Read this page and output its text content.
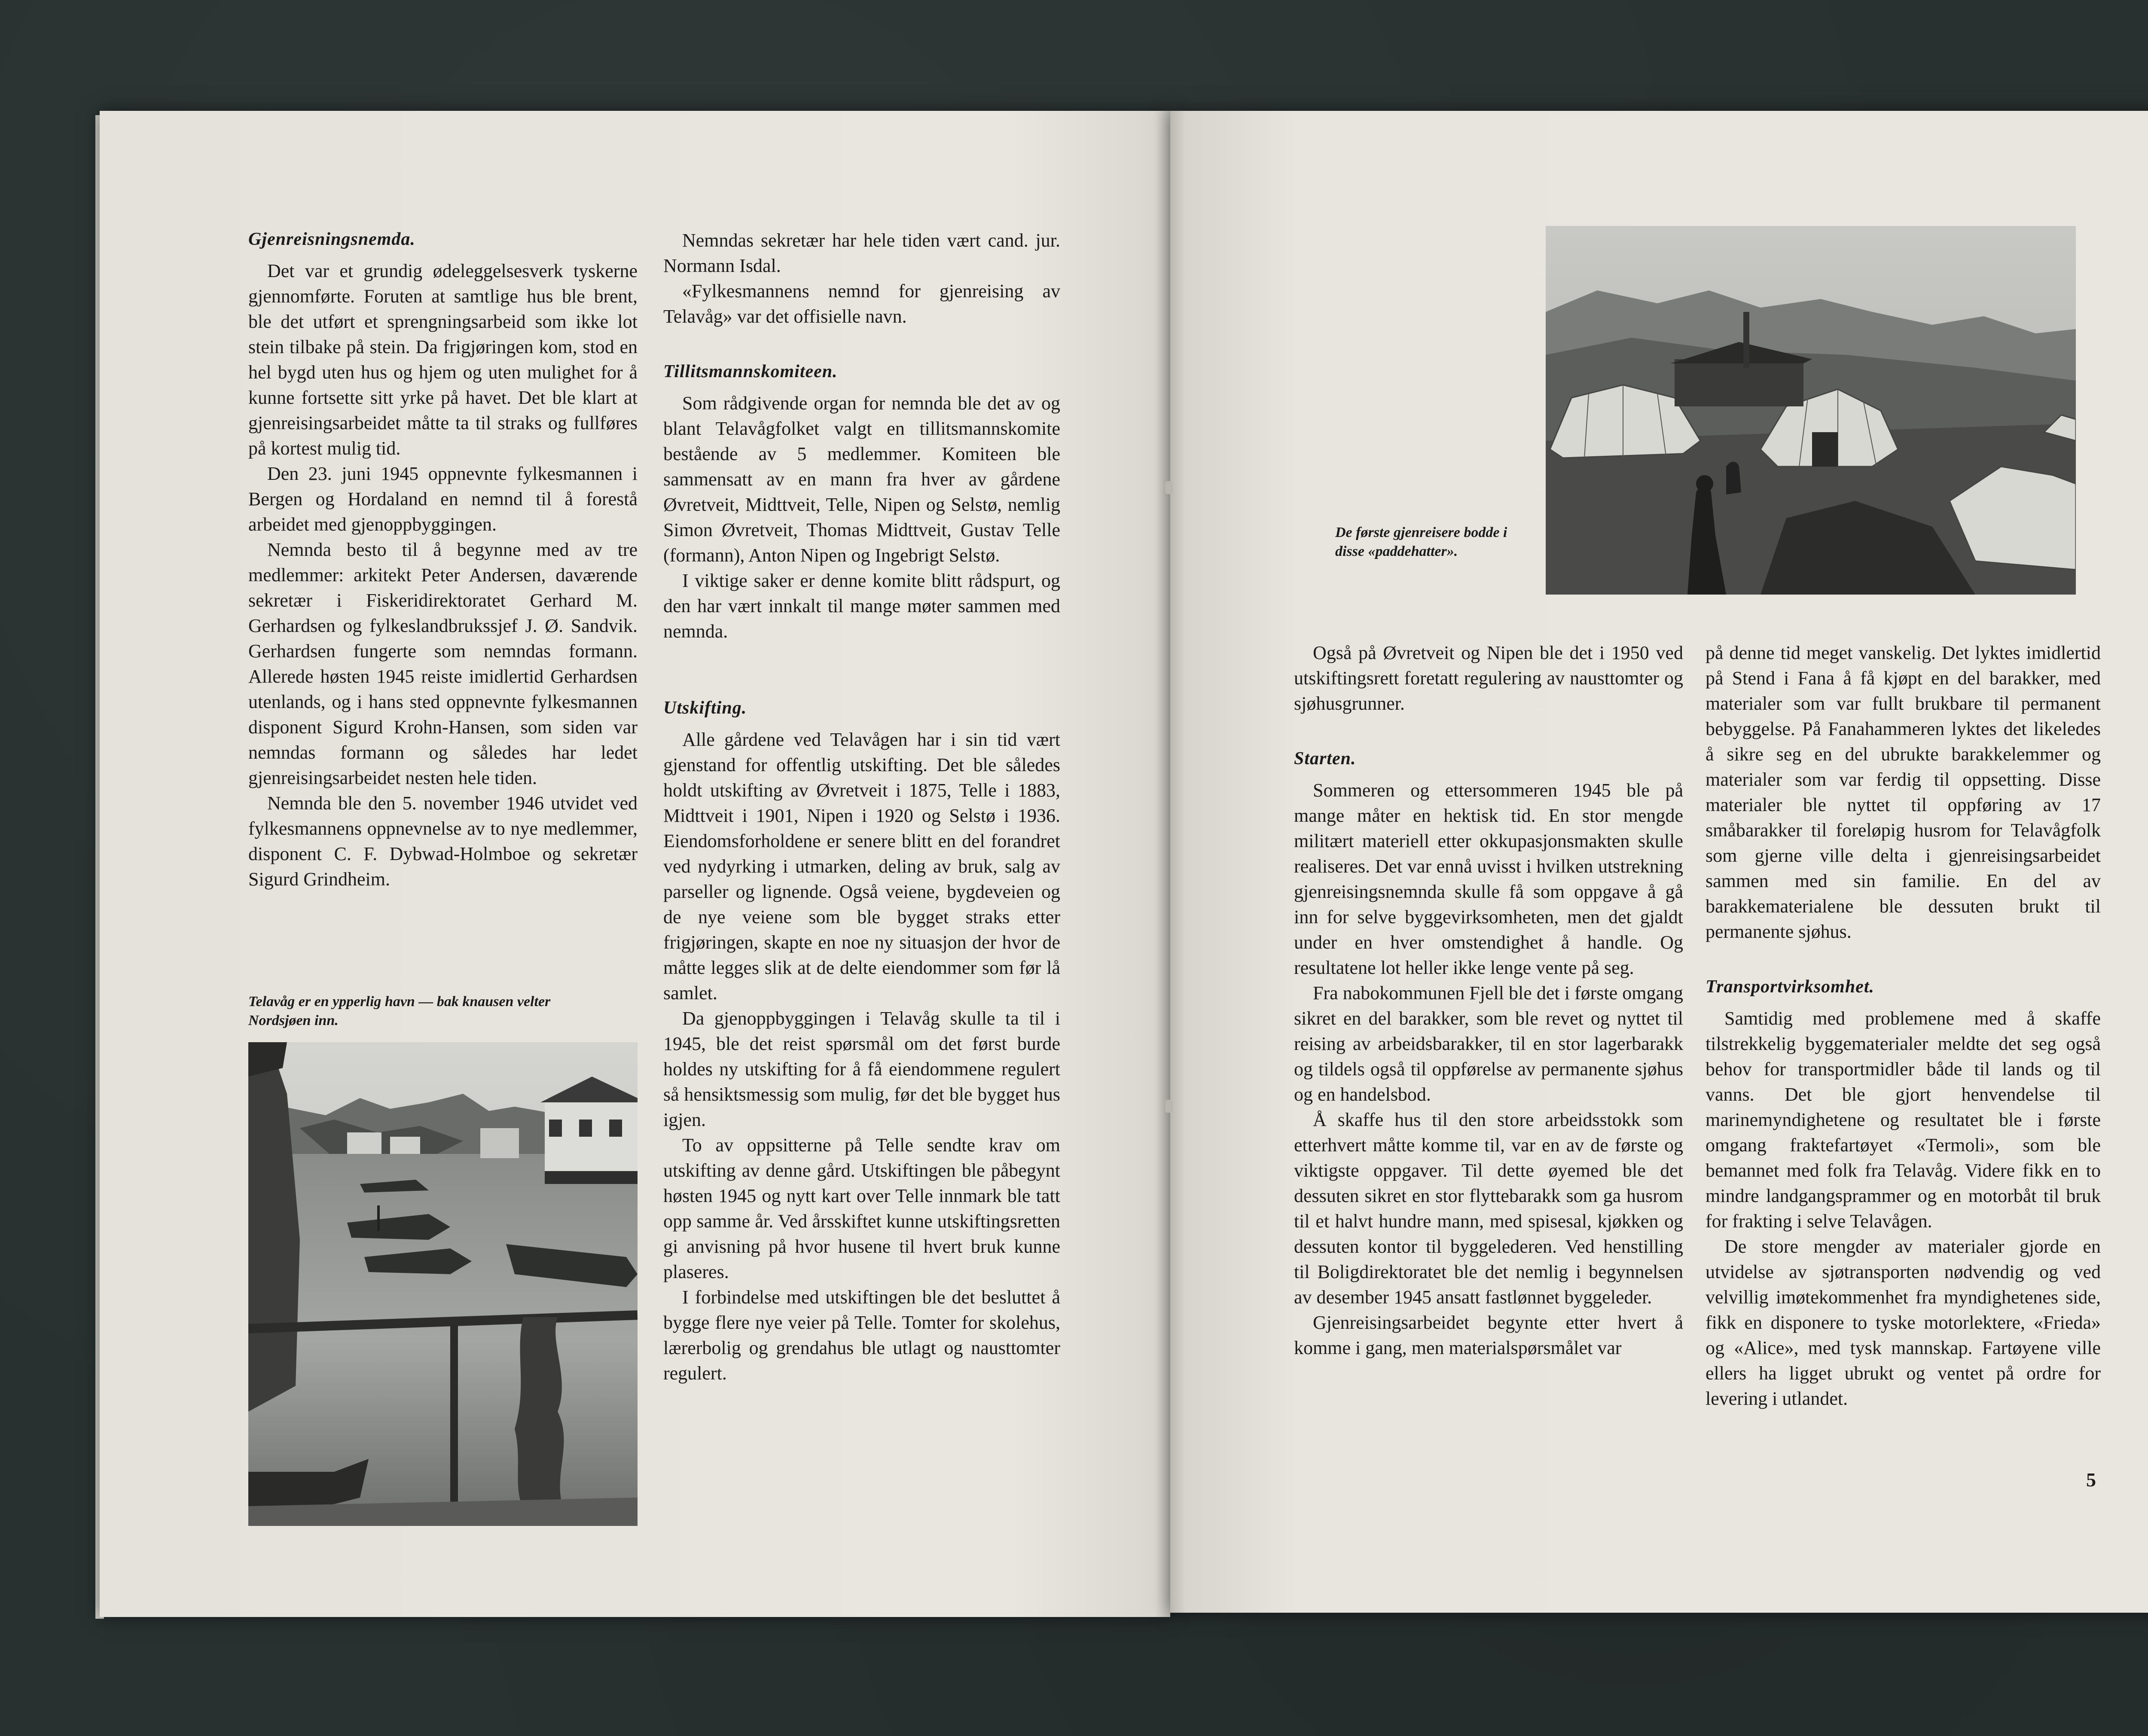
Gjenreisningsnemda.

Det var et grundig ødeleggelsesverk tyskerne gjennomførte. Foruten at samtlige hus ble brent, ble det utført et sprengningsarbeid som ikke lot stein tilbake på stein. Da frigjøringen kom, stod en hel bygd uten hus og hjem og uten mulighet for å kunne fortsette sitt yrke på havet. Det ble klart at gjenreisingsarbeidet måtte ta til straks og fullføres på kortest mulig tid.

Den 23. juni 1945 oppnevnte fylkesmannen i Bergen og Hordaland en nemnd til å forestå arbeidet med gjenoppbyggingen.

Nemnda besto til å begynne med av tre medlemmer: arkitekt Peter Andersen, daværende sekretær i Fiskeridirektoratet Gerhard M. Gerhardsen og fylkeslandbrukssjef J. Ø. Sandvik. Gerhardsen fungerte som nemndas formann. Allerede høsten 1945 reiste imidlertid Gerhardsen utenlands, og i hans sted oppnevnte fylkesmannen disponent Sigurd Krohn-Hansen, som siden var nemndas formann og således har ledet gjenreisingsarbeidet nesten hele tiden.

Nemnda ble den 5. november 1946 utvidet ved fylkesmannens oppnevnelse av to nye medlemmer, disponent C. F. Dybwad-Holmboe og sekretær Sigurd Grindheim.

Telavåg er en ypperlig havn — bak knausen velter Nordsjøen inn.

Nemndas sekretær har hele tiden vært cand. jur. Normann Isdal.

«Fylkesmannens nemnd for gjenreising av Telavåg» var det offisielle navn.

Tillitsmannskomiteen.

Som rådgivende organ for nemnda ble det av og blant Telavågfolket valgt en tillitsmannskomite bestående av 5 medlemmer. Komiteen ble sammensatt av en mann fra hver av gårdene Øvretveit, Midttveit, Telle, Nipen og Selstø, nemlig Simon Øvretveit, Thomas Midttveit, Gustav Telle (formann), Anton Nipen og Ingebrigt Selstø.

I viktige saker er denne komite blitt rådspurt, og den har vært innkalt til mange møter sammen med nemnda.

Utskifting.

Alle gårdene ved Telavågen har i sin tid vært gjenstand for offentlig utskifting. Det ble således holdt utskifting av Øvretveit i 1875, Telle i 1883, Midttveit i 1901, Nipen i 1920 og Selstø i 1936. Eiendomsforholdene er senere blitt en del forandret ved nydyrking i utmarken, deling av bruk, salg av parseller og lignende. Også veiene, bygdeveien og de nye veiene som ble bygget straks etter frigjøringen, skapte en noe ny situasjon der hvor de måtte legges slik at de delte eiendommer som før lå samlet.

Da gjenoppbyggingen i Telavåg skulle ta til i 1945, ble det reist spørsmål om det først burde holdes ny utskifting for å få eiendommene regulert så hensiktsmessig som mulig, før det ble bygget hus igjen.

To av oppsitterne på Telle sendte krav om utskifting av denne gård. Utskiftingen ble påbegynt høsten 1945 og nytt kart over Telle innmark ble tatt opp samme år. Ved årsskiftet kunne utskiftingsretten gi anvisning på hvor husene til hvert bruk kunne plaseres.

I forbindelse med utskiftingen ble det besluttet å bygge flere nye veier på Telle. Tomter for skolehus, lærerbolig og grendahus ble utlagt og nausttomter regulert.

De første gjenreisere bodde i disse «paddehatter».

Også på Øvretveit og Nipen ble det i 1950 ved utskiftingsrett foretatt regulering av nausttomter og sjøhusgrunner.

Starten.

Sommeren og ettersommeren 1945 ble på mange måter en hektisk tid. En stor mengde militært materiell etter okkupasjonsmakten skulle realiseres. Det var ennå uvisst i hvilken utstrekning gjenreisingsnemnda skulle få som oppgave å gå inn for selve byggevirksomheten, men det gjaldt under en hver omstendighet å handle. Og resultatene lot heller ikke lenge vente på seg.

Fra nabokommunen Fjell ble det i første omgang sikret en del barakker, som ble revet og nyttet til reising av arbeidsbarakker, til en stor lagerbarakk og tildels også til oppførelse av permanente sjøhus og en handelsbod.

Å skaffe hus til den store arbeidsstokk som etterhvert måtte komme til, var en av de første og viktigste oppgaver. Til dette øyemed ble det dessuten sikret en stor flyttebarakk som ga husrom til et halvt hundre mann, med spisesal, kjøkken og dessuten kontor til byggelederen. Ved henstilling til Boligdirektoratet ble det nemlig i begynnelsen av desember 1945 ansatt fastlønnet byggeleder.

Gjenreisingsarbeidet begynte etter hvert å komme i gang, men materialspørsmålet var

på denne tid meget vanskelig. Det lyktes imidlertid på Stend i Fana å få kjøpt en del barakker, med materialer som var fullt brukbare til permanent bebyggelse. På Fanahammeren lyktes det likeledes å sikre seg en del ubrukte barakkelemmer og materialer som var ferdig til oppsetting. Disse materialer ble nyttet til oppføring av 17 småbarakker til foreløpig husrom for Telavågfolk som gjerne ville delta i gjenreisingsarbeidet sammen med sin familie. En del av barakkematerialene ble dessuten brukt til permanente sjøhus.

Transportvirksomhet.

Samtidig med problemene med å skaffe tilstrekkelig byggematerialer meldte det seg også behov for transportmidler både til lands og til vanns. Det ble gjort henvendelse til marinemyndighetene og resultatet ble i første omgang fraktefartøyet «Termoli», som ble bemannet med folk fra Telavåg. Videre fikk en to mindre landgangsprammer og en motorbåt til bruk for frakting i selve Telavågen.

De store mengder av materialer gjorde en utvidelse av sjøtransporten nødvendig og ved velvillig imøtekommenhet fra myndighetenes side, fikk en disponere to tyske motorlektere, «Frieda» og «Alice», med tysk mannskap. Fartøyene ville ellers ha ligget ubrukt og ventet på ordre for levering i utlandet.

5
